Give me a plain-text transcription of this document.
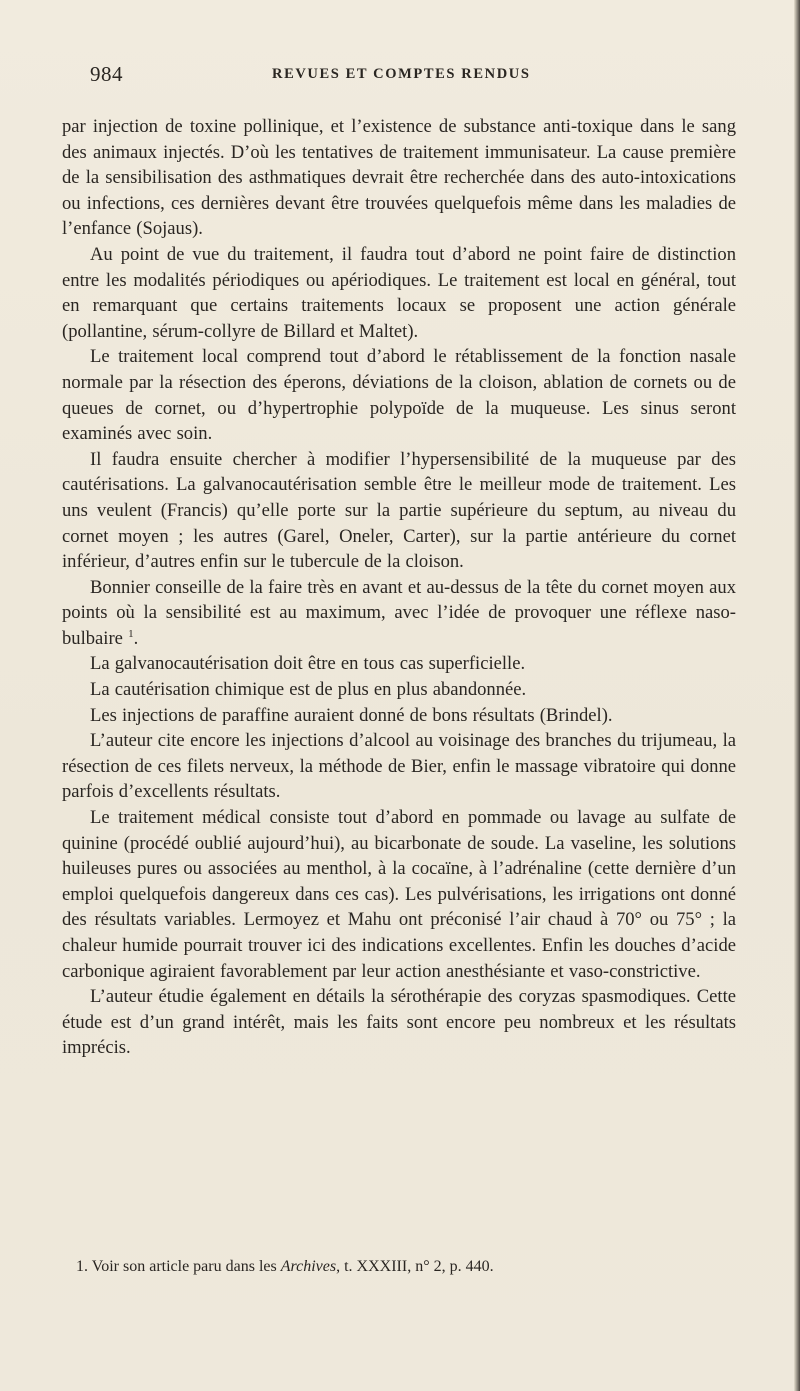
984	REVUES ET COMPTES RENDUS

par injection de toxine pollinique, et l’existence de substance anti-toxique dans le sang des animaux injectés. D’où les tentatives de traitement immunisateur. La cause première de la sensibilisation des asthmatiques devrait être recherchée dans des auto-intoxications ou infections, ces dernières devant être trouvées quelquefois même dans les maladies de l’enfance (Sojaus).

Au point de vue du traitement, il faudra tout d’abord ne point faire de distinction entre les modalités périodiques ou apériodiques. Le traitement est local en général, tout en remarquant que certains traitements locaux se proposent une action générale (pollantine, sérum-collyre de Billard et Maltet).

Le traitement local comprend tout d’abord le rétablissement de la fonction nasale normale par la résection des éperons, déviations de la cloison, ablation de cornets ou de queues de cornet, ou d’hypertrophie polypoïde de la muqueuse. Les sinus seront examinés avec soin.

Il faudra ensuite chercher à modifier l’hypersensibilité de la muqueuse par des cautérisations. La galvanocautérisation semble être le meilleur mode de traitement. Les uns veulent (Francis) qu’elle porte sur la partie supérieure du septum, au niveau du cornet moyen ; les autres (Garel, Oneler, Carter), sur la partie antérieure du cornet inférieur, d’autres enfin sur le tubercule de la cloison.

Bonnier conseille de la faire très en avant et au-dessus de la tête du cornet moyen aux points où la sensibilité est au maximum, avec l’idée de provoquer une réflexe naso-bulbaire $^1$.

La galvanocautérisation doit être en tous cas superficielle.

La cautérisation chimique est de plus en plus abandonnée.

Les injections de paraffine auraient donné de bons résultats (Brindel).

L’auteur cite encore les injections d’alcool au voisinage des branches du trijumeau, la résection de ces filets nerveux, la méthode de Bier, enfin le massage vibratoire qui donne parfois d’excellents résultats.

Le traitement médical consiste tout d’abord en pommade ou lavage au sulfate de quinine (procédé oublié aujourd’hui), au bicarbonate de soude. La vaseline, les solutions huileuses pures ou associées au menthol, à la cocaïne, à l’adrénaline (cette dernière d’un emploi quelquefois dangereux dans ces cas). Les pulvérisations, les irrigations ont donné des résultats variables. Lermoyez et Mahu ont préconisé l’air chaud à 70° ou 75° ; la chaleur humide pourrait trouver ici des indications excellentes. Enfin les douches d’acide carbonique agiraient favorablement par leur action anesthésiante et vaso-constrictive.

L’auteur étudie également en détails la sérothérapie des coryzas spasmodiques. Cette étude est d’un grand intérêt, mais les faits sont encore peu nombreux et les résultats imprécis.

1. Voir son article paru dans les Archives, t. XXXIII, n° 2, p. 440.
